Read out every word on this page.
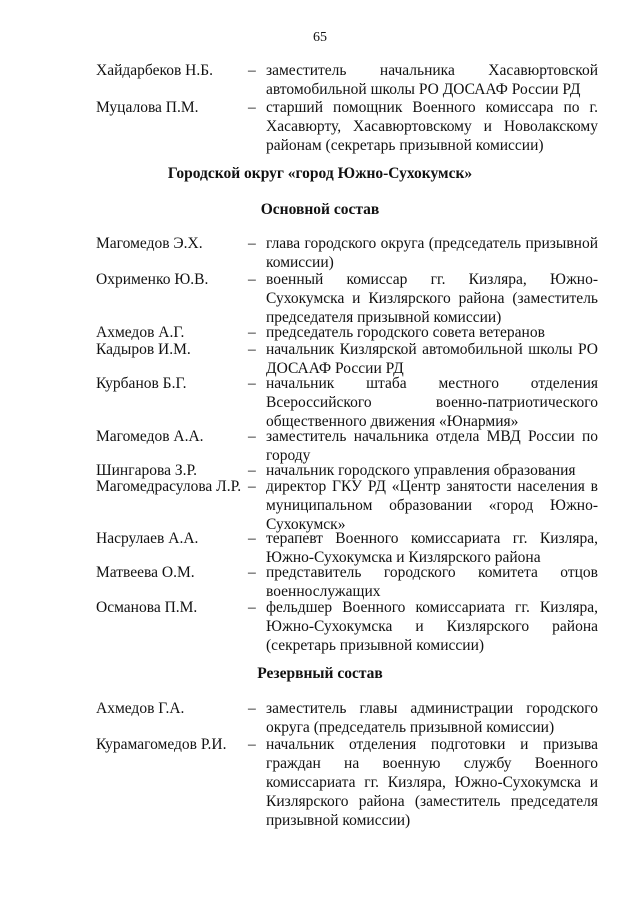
65
Хайдарбеков Н.Б. – заместитель начальника Хасавюртовской автомобильной школы РО ДОСААФ России РД
Муцалова П.М.	– старший помощник Военного комиссара по г. Хасавюрту, Хасавюртовскому и Новолакскому районам (секретарь призывной комиссии)
Городской округ «город Южно-Сухокумск»
Основной состав
Магомедов Э.Х.	– глава городского округа (председатель призывной комиссии)
Охрименко Ю.В.	– военный комиссар гг. Кизляра, Южно-Сухокумска и Кизлярского района (заместитель председателя призывной комиссии)
Ахмедов А.Г.	– председатель городского совета ветеранов
Кадыров И.М.	– начальник Кизлярской автомобильной школы РО ДОСААФ России РД
Курбанов Б.Г.	– начальник штаба местного отделения Всероссийского военно-патриотического общественного движения «Юнармия»
Магомедов А.А.	– заместитель начальника отдела МВД России по городу
Шингарова З.Р.	– начальник городского управления образования
Магомедрасулова Л.Р. – директор ГКУ РД «Центр занятости населения в муниципальном образовании «город Южно-Сухокумск»
Насрулаев А.А.	– терапевт Военного комиссариата гг. Кизляра, Южно-Сухокумска и Кизлярского района
Матвеева О.М.	– представитель городского комитета отцов военнослужащих
Османова П.М.	– фельдшер Военного комиссариата гг. Кизляра, Южно-Сухокумска и Кизлярского района (секретарь призывной комиссии)
Резервный состав
Ахмедов Г.А.	– заместитель главы администрации городского округа (председатель призывной комиссии)
Курамагомедов Р.И. – начальник отделения подготовки и призыва граждан на военную службу Военного комиссариата гг. Кизляра, Южно-Сухокумска и Кизлярского района (заместитель председателя призывной комиссии)
